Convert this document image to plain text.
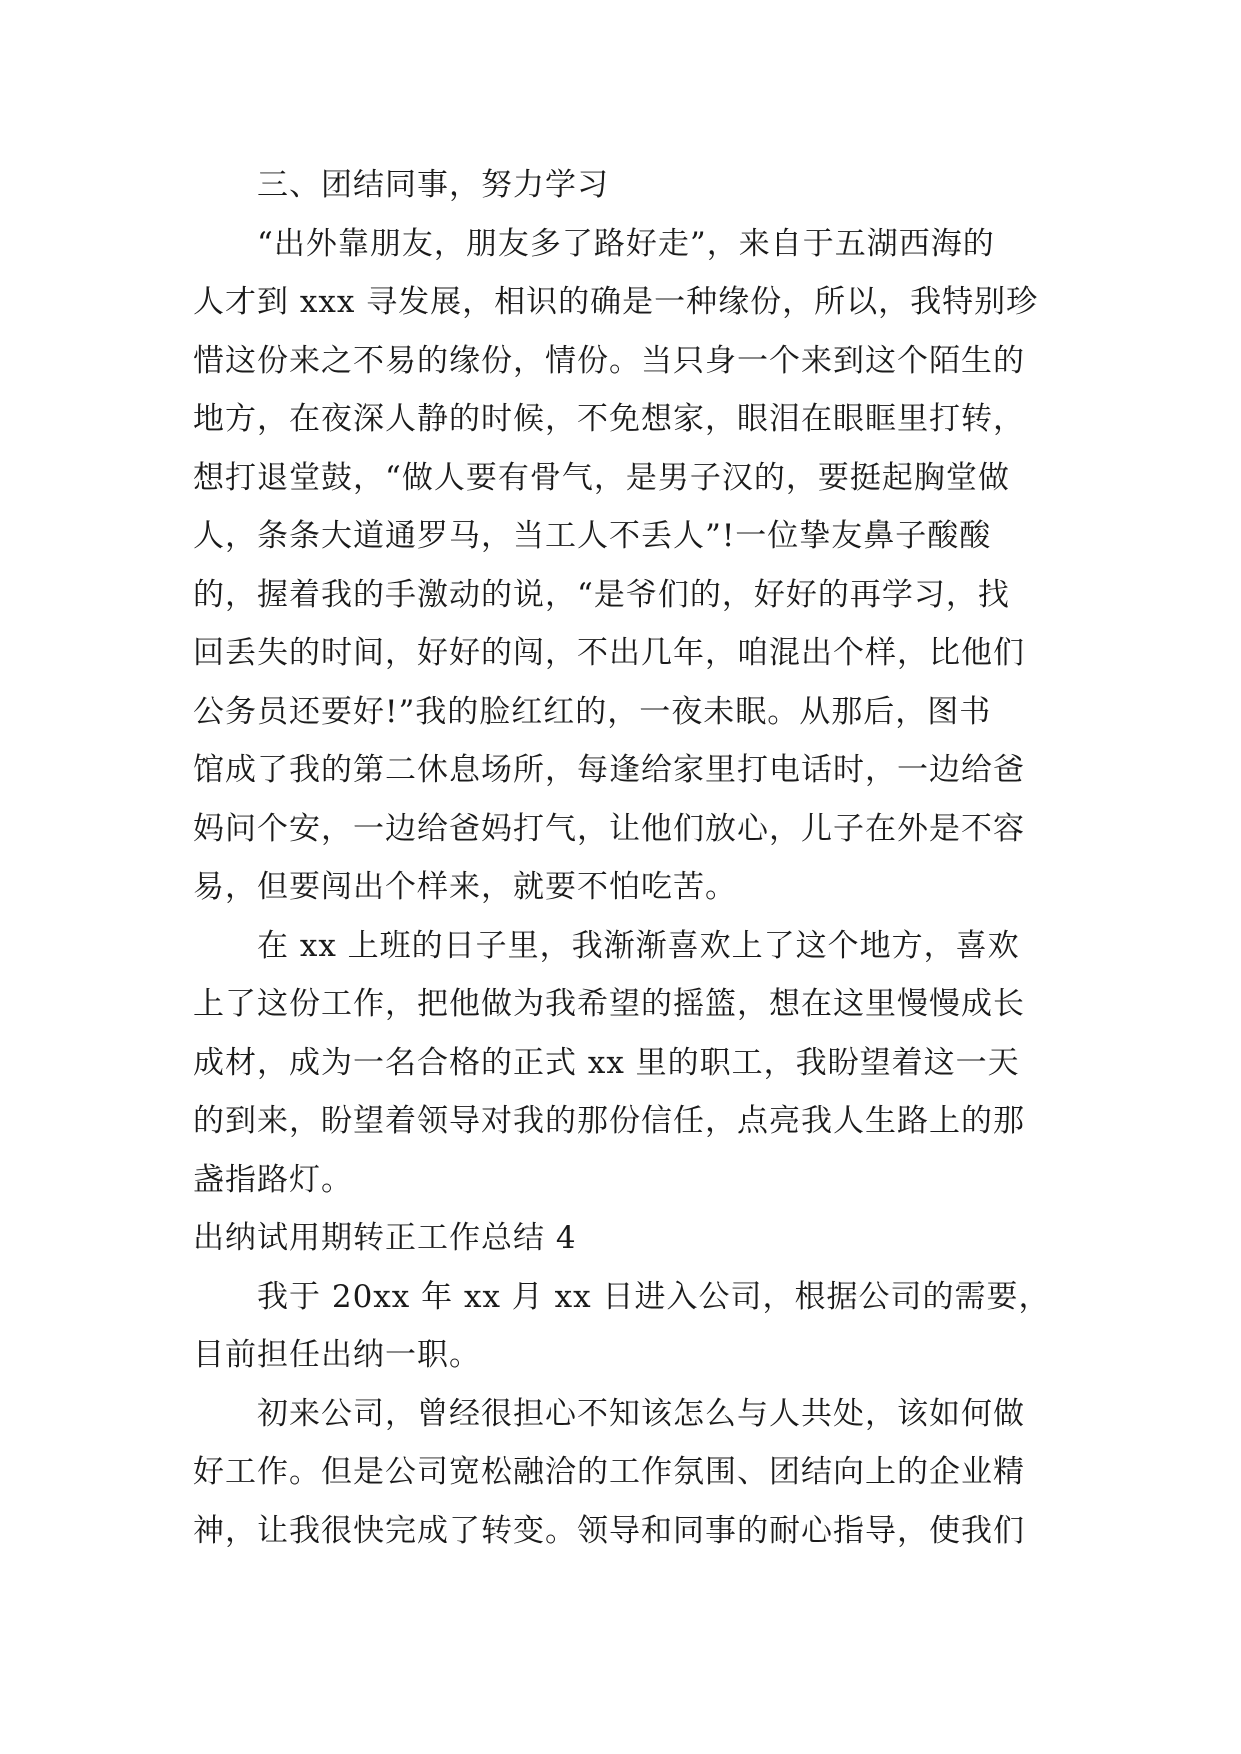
三、团结同事，努力学习
“出外靠朋友，朋友多了路好走”，来自于五湖西海的
人才到 xxx 寻发展，相识的确是一种缘份，所以，我特别珍
惜这份来之不易的缘份，情份。当只身一个来到这个陌生的
地方，在夜深人静的时候，不免想家，眼泪在眼眶里打转，
想打退堂鼓，“做人要有骨气，是男子汉的，要挺起胸堂做
人，条条大道通罗马，当工人不丢人”!一位挚友鼻子酸酸
的，握着我的手激动的说，“是爷们的，好好的再学习，找
回丢失的时间，好好的闯，不出几年，咱混出个样，比他们
公务员还要好!”我的脸红红的，一夜未眠。从那后，图书
馆成了我的第二休息场所，每逢给家里打电话时，一边给爸
妈问个安，一边给爸妈打气，让他们放心，儿子在外是不容
易，但要闯出个样来，就要不怕吃苦。
在 xx 上班的日子里，我渐渐喜欢上了这个地方，喜欢
上了这份工作，把他做为我希望的摇篮，想在这里慢慢成长
成材，成为一名合格的正式 xx 里的职工，我盼望着这一天
的到来，盼望着领导对我的那份信任，点亮我人生路上的那
盏指路灯。
出纳试用期转正工作总结 4
我于 20xx 年 xx 月 xx 日进入公司，根据公司的需要，
目前担任出纳一职。
初来公司，曾经很担心不知该怎么与人共处，该如何做
好工作。但是公司宽松融洽的工作氛围、团结向上的企业精
神，让我很快完成了转变。领导和同事的耐心指导，使我们
